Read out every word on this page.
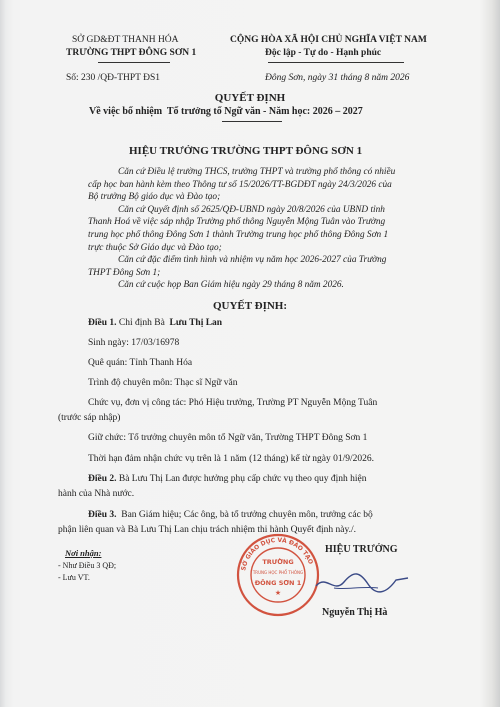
SỞ GD&ĐT THANH HÓA
TRƯỜNG THPT ĐÔNG SƠN 1
Số: 230 /QĐ-THPT ĐS1
CỘNG HÒA XÃ HỘI CHỦ NGHĨA VIỆT NAM
Độc lập - Tự do - Hạnh phúc
Đông Sơn, ngày 31 tháng 8 năm 2026
QUYẾT ĐỊNH
Về việc bổ nhiệm Tổ trưởng tổ Ngữ văn - Năm học: 2026 – 2027
HIỆU TRƯỞNG TRƯỜNG THPT ĐÔNG SƠN 1
Căn cứ Điều lệ trường THCS, trường THPT và trường phổ thông có nhiều
cấp học ban hành kèm theo Thông tư số 15/2026/TT-BGDĐT ngày 24/3/2026 của
Bộ trưởng Bộ giáo dục và Đào tạo;
Căn cứ Quyết định số 2625/QĐ-UBND ngày 20/8/2026 của UBND tỉnh
Thanh Hoá về việc sáp nhập Trường phổ thông Nguyễn Mộng Tuân vào Trường
trung học phổ thông Đông Sơn 1 thành Trường trung học phổ thông Đông Sơn 1
trực thuộc Sở Giáo dục và Đào tạo;
Căn cứ đặc điểm tình hình và nhiệm vụ năm học 2026-2027 của Trường
THPT Đông Sơn 1;
Căn cứ cuộc họp Ban Giám hiệu ngày 29 tháng 8 năm 2026.
QUYẾT ĐỊNH:
Điều 1. Chỉ định Bà Lưu Thị Lan
Sinh ngày: 17/03/16978
Quê quán: Tỉnh Thanh Hóa
Trình độ chuyên môn: Thạc sĩ Ngữ văn
Chức vụ, đơn vị công tác: Phó Hiệu trưởng, Trường PT Nguyễn Mộng Tuân
(trước sáp nhập)
Giữ chức: Tổ trưởng chuyên môn tổ Ngữ văn, Trường THPT Đông Sơn 1
Thời hạn đảm nhận chức vụ trên là 1 năm (12 tháng) kể từ ngày 01/9/2026.
Điều 2. Bà Lưu Thị Lan được hưởng phụ cấp chức vụ theo quy định hiện
hành của Nhà nước.
Điều 3. Ban Giám hiệu; Các ông, bà tổ trưởng chuyên môn, trưởng các bộ
phận liên quan và Bà Lưu Thị Lan chịu trách nhiệm thi hành Quyết định này./.
Nơi nhận:
- Như Điều 3 QĐ;
- Lưu VT.
HIỆU TRƯỞNG
SỞ GIÁO DỤC VÀ ĐÀO TẠO
TRƯỜNG
TRUNG HỌC PHỔ THÔNG
ĐÔNG SƠN 1
★
Nguyễn Thị Hà
